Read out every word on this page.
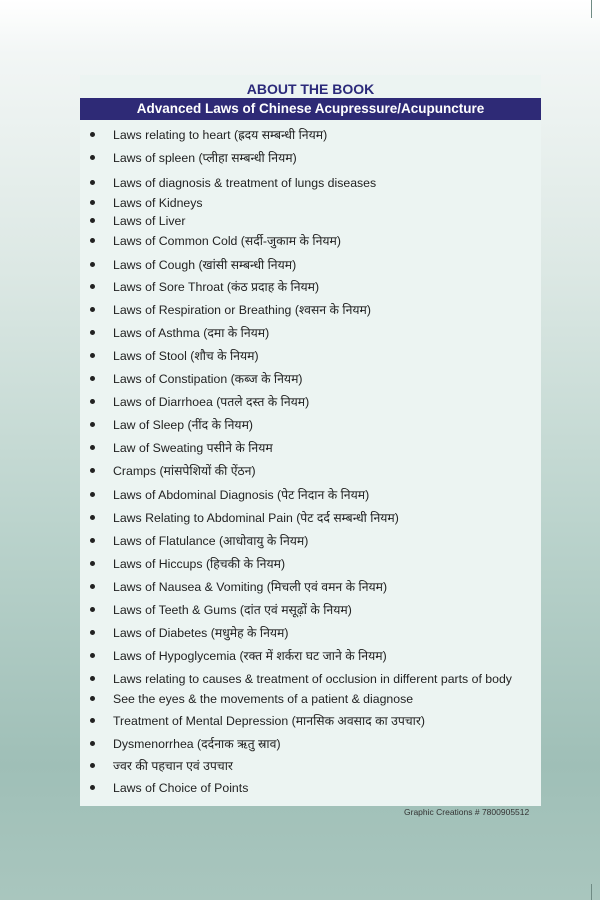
ABOUT THE BOOK
Advanced Laws of Chinese Acupressure/Acupuncture
Laws relating to heart (ह्रदय सम्बन्धी नियम)
Laws of spleen (प्लीहा सम्बन्धी नियम)
Laws of diagnosis & treatment of lungs diseases
Laws of Kidneys
Laws of Liver
Laws of Common Cold (सर्दी-जुकाम के नियम)
Laws of Cough (खांसी सम्बन्धी नियम)
Laws of Sore Throat (कंठ प्रदाह के नियम)
Laws of Respiration or Breathing (श्वसन के नियम)
Laws of Asthma (दमा के नियम)
Laws of Stool (शौच के नियम)
Laws of Constipation (कब्ज के नियम)
Laws of Diarrhoea (पतले दस्त के नियम)
Law of Sleep (नींद के नियम)
Law of Sweating पसीने के नियम
Cramps (मांसपेशियों की ऐंठन)
Laws of Abdominal Diagnosis (पेट निदान के नियम)
Laws Relating to Abdominal Pain (पेट दर्द सम्बन्धी नियम)
Laws of Flatulance (आधोवायु के नियम)
Laws of Hiccups (हिचकी के नियम)
Laws of Nausea & Vomiting (मिचली एवं वमन के नियम)
Laws of Teeth & Gums (दांत एवं मसूढ़ों के नियम)
Laws of Diabetes (मधुमेह के नियम)
Laws of Hypoglycemia (रक्त में शर्करा घट जाने के नियम)
Laws relating to causes & treatment of occlusion in different parts of body
See the eyes & the movements of a patient & diagnose
Treatment of Mental Depression (मानसिक अवसाद का उपचार)
Dysmenorrhea (दर्दनाक ऋतु स्राव)
ज्वर की पहचान एवं उपचार
Laws of Choice of Points
Graphic Creations # 7800905512
